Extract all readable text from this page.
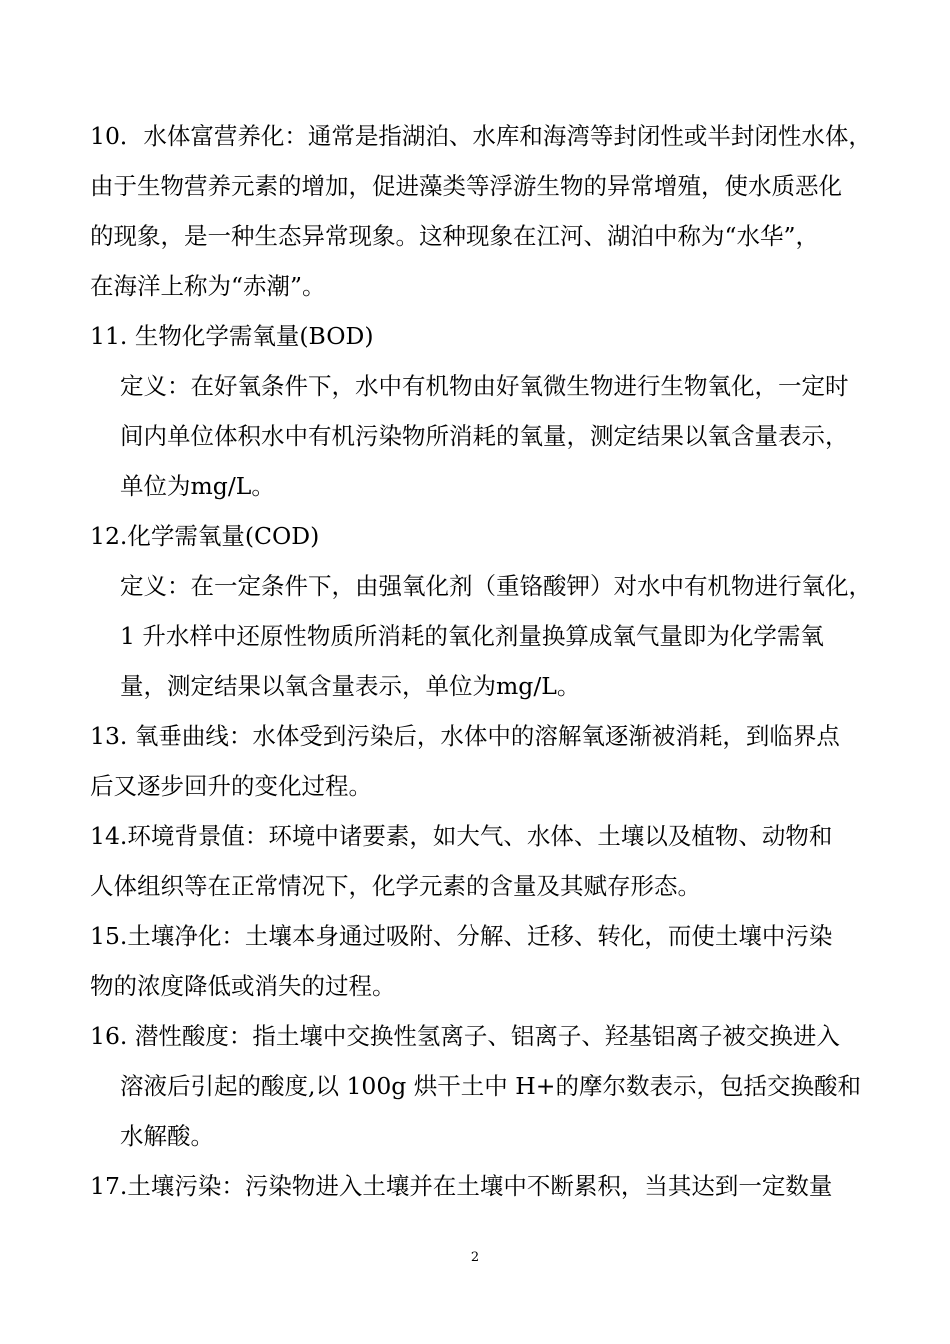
10．水体富营养化：通常是指湖泊、水库和海湾等封闭性或半封闭性水体，
由于生物营养元素的增加，促进藻类等浮游生物的异常增殖，使水质恶化
的现象，是一种生态异常现象。这种现象在江河、湖泊中称为“水华”，
在海洋上称为“赤潮”。
11. 生物化学需氧量(BOD)
定义：在好氧条件下，水中有机物由好氧微生物进行生物氧化，一定时
间内单位体积水中有机污染物所消耗的氧量，测定结果以氧含量表示，
单位为mg/L。
12.化学需氧量(COD)
定义：在一定条件下，由强氧化剂（重铬酸钾）对水中有机物进行氧化，
1 升水样中还原性物质所消耗的氧化剂量换算成氧气量即为化学需氧
量，测定结果以氧含量表示，单位为mg/L。
13. 氧垂曲线：水体受到污染后，水体中的溶解氧逐渐被消耗，到临界点
后又逐步回升的变化过程。
14.环境背景值：环境中诸要素，如大气、水体、土壤以及植物、动物和
人体组织等在正常情况下，化学元素的含量及其赋存形态。
15.土壤净化：土壤本身通过吸附、分解、迁移、转化，而使土壤中污染
物的浓度降低或消失的过程。
16. 潜性酸度：指土壤中交换性氢离子、铝离子、羟基铝离子被交换进入
溶液后引起的酸度,以 100g 烘干土中 H+的摩尔数表示，包括交换酸和
水解酸。
17.土壤污染：污染物进入土壤并在土壤中不断累积，当其达到一定数量
2
